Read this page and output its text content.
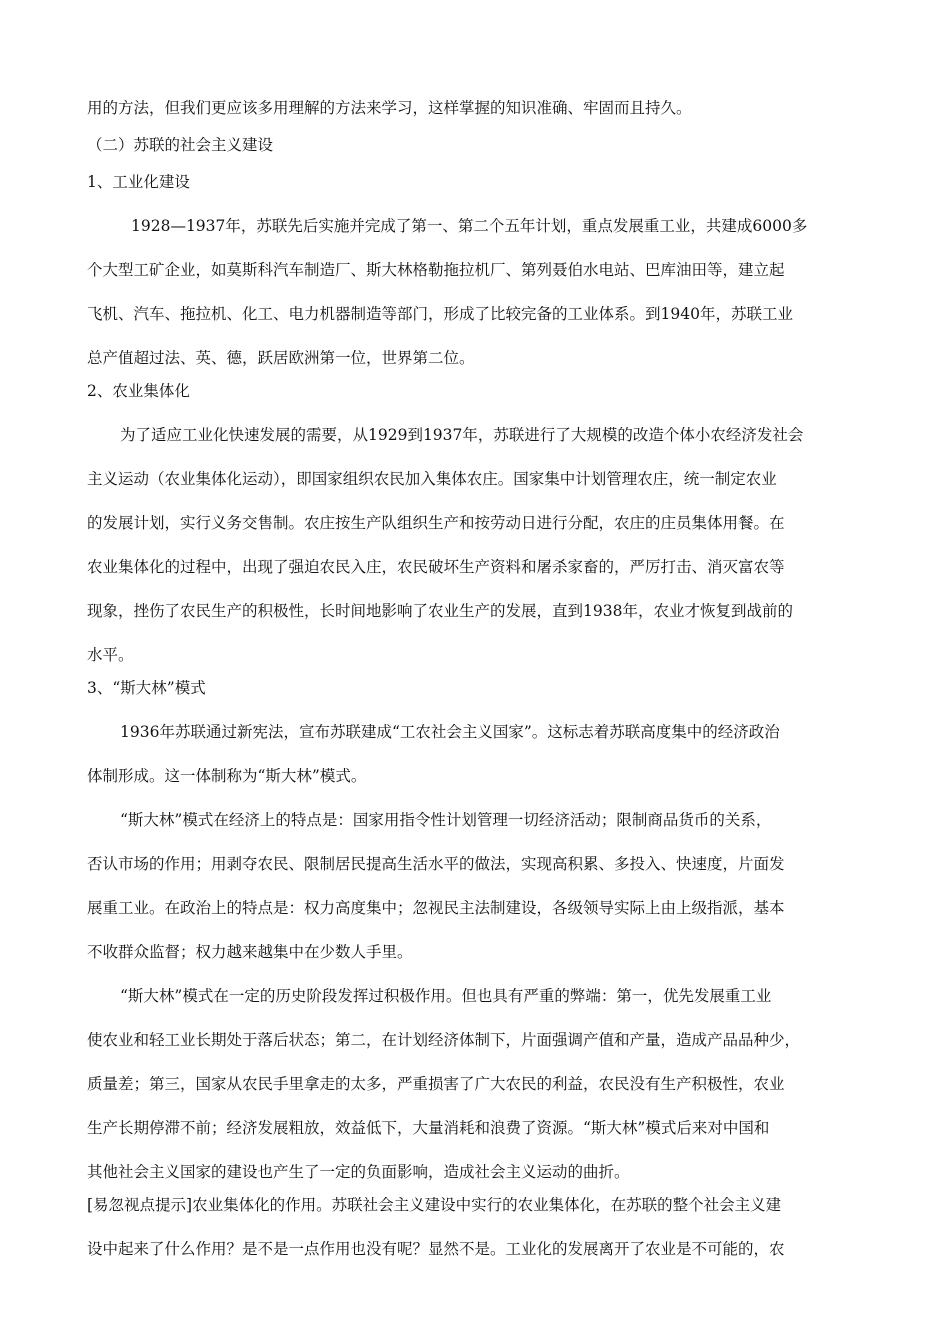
用的方法，但我们更应该多用理解的方法来学习，这样掌握的知识准确、牢固而且持久。

（二）苏联的社会主义建设

1、工业化建设

1928—1937年，苏联先后实施并完成了第一、第二个五年计划，重点发展重工业，共建成6000多

个大型工矿企业，如莫斯科汽车制造厂、斯大林格勒拖拉机厂、第列聂伯水电站、巴库油田等，建立起

飞机、汽车、拖拉机、化工、电力机器制造等部门，形成了比较完备的工业体系。到1940年，苏联工业

总产值超过法、英、德，跃居欧洲第一位，世界第二位。

2、农业集体化

为了适应工业化快速发展的需要，从1929到1937年，苏联进行了大规模的改造个体小农经济发社会

主义运动（农业集体化运动），即国家组织农民加入集体农庄。国家集中计划管理农庄，统一制定农业

的发展计划，实行义务交售制。农庄按生产队组织生产和按劳动日进行分配，农庄的庄员集体用餐。在

农业集体化的过程中，出现了强迫农民入庄，农民破坏生产资料和屠杀家畜的，严厉打击、消灭富农等

现象，挫伤了农民生产的积极性，长时间地影响了农业生产的发展，直到1938年，农业才恢复到战前的

水平。

3、“斯大林”模式

1936年苏联通过新宪法，宣布苏联建成“工农社会主义国家”。这标志着苏联高度集中的经济政治

体制形成。这一体制称为“斯大林”模式。

“斯大林”模式在经济上的特点是：国家用指令性计划管理一切经济活动；限制商品货币的关系，

否认市场的作用；用剥夺农民、限制居民提高生活水平的做法，实现高积累、多投入、快速度，片面发

展重工业。在政治上的特点是：权力高度集中；忽视民主法制建设，各级领导实际上由上级指派，基本

不收群众监督；权力越来越集中在少数人手里。

“斯大林”模式在一定的历史阶段发挥过积极作用。但也具有严重的弊端：第一，优先发展重工业

使农业和轻工业长期处于落后状态；第二，在计划经济体制下，片面强调产值和产量，造成产品品种少，

质量差；第三，国家从农民手里拿走的太多，严重损害了广大农民的利益，农民没有生产积极性，农业

生产长期停滞不前；经济发展粗放，效益低下，大量消耗和浪费了资源。“斯大林”模式后来对中国和

其他社会主义国家的建设也产生了一定的负面影响，造成社会主义运动的曲折。

[易忽视点提示]农业集体化的作用。苏联社会主义建设中实行的农业集体化，在苏联的整个社会主义建

设中起来了什么作用？是不是一点作用也没有呢？显然不是。工业化的发展离开了农业是不可能的，农
